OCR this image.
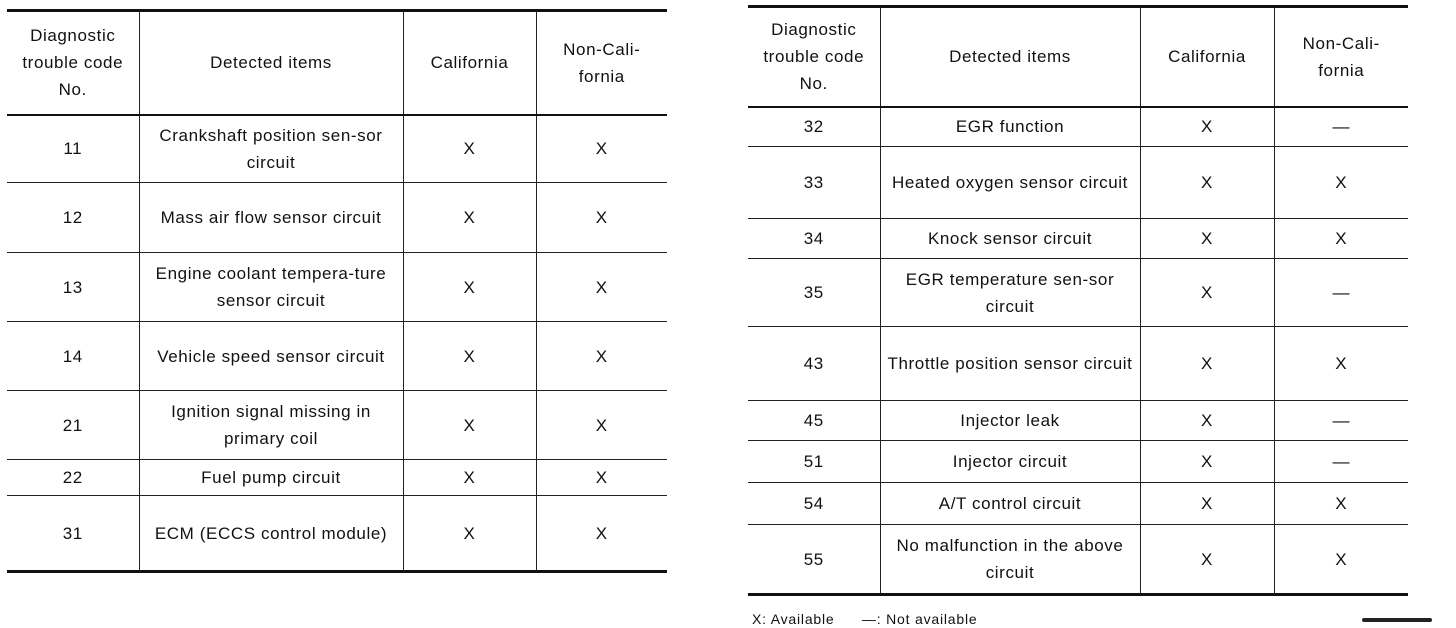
Diagnostic trouble code No.	Detected items	California	Non-Cali-fornia
11	Crankshaft position sen-sor circuit	X	X
12	Mass air flow sensor circuit	X	X
13	Engine coolant tempera-ture sensor circuit	X	X
14	Vehicle speed sensor circuit	X	X
21	Ignition signal missing in primary coil	X	X
22	Fuel pump circuit	X	X
31	ECM (ECCS control module)	X	X
Diagnostic trouble code No.	Detected items	California	Non-Cali-fornia
32	EGR function	X	—
33	Heated oxygen sensor circuit	X	X
34	Knock sensor circuit	X	X
35	EGR temperature sen-sor circuit	X	—
43	Throttle position sensor circuit	X	X
45	Injector leak	X	—
51	Injector circuit	X	—
54	A/T control circuit	X	X
55	No malfunction in the above circuit	X	X
X: Available —: Not available
